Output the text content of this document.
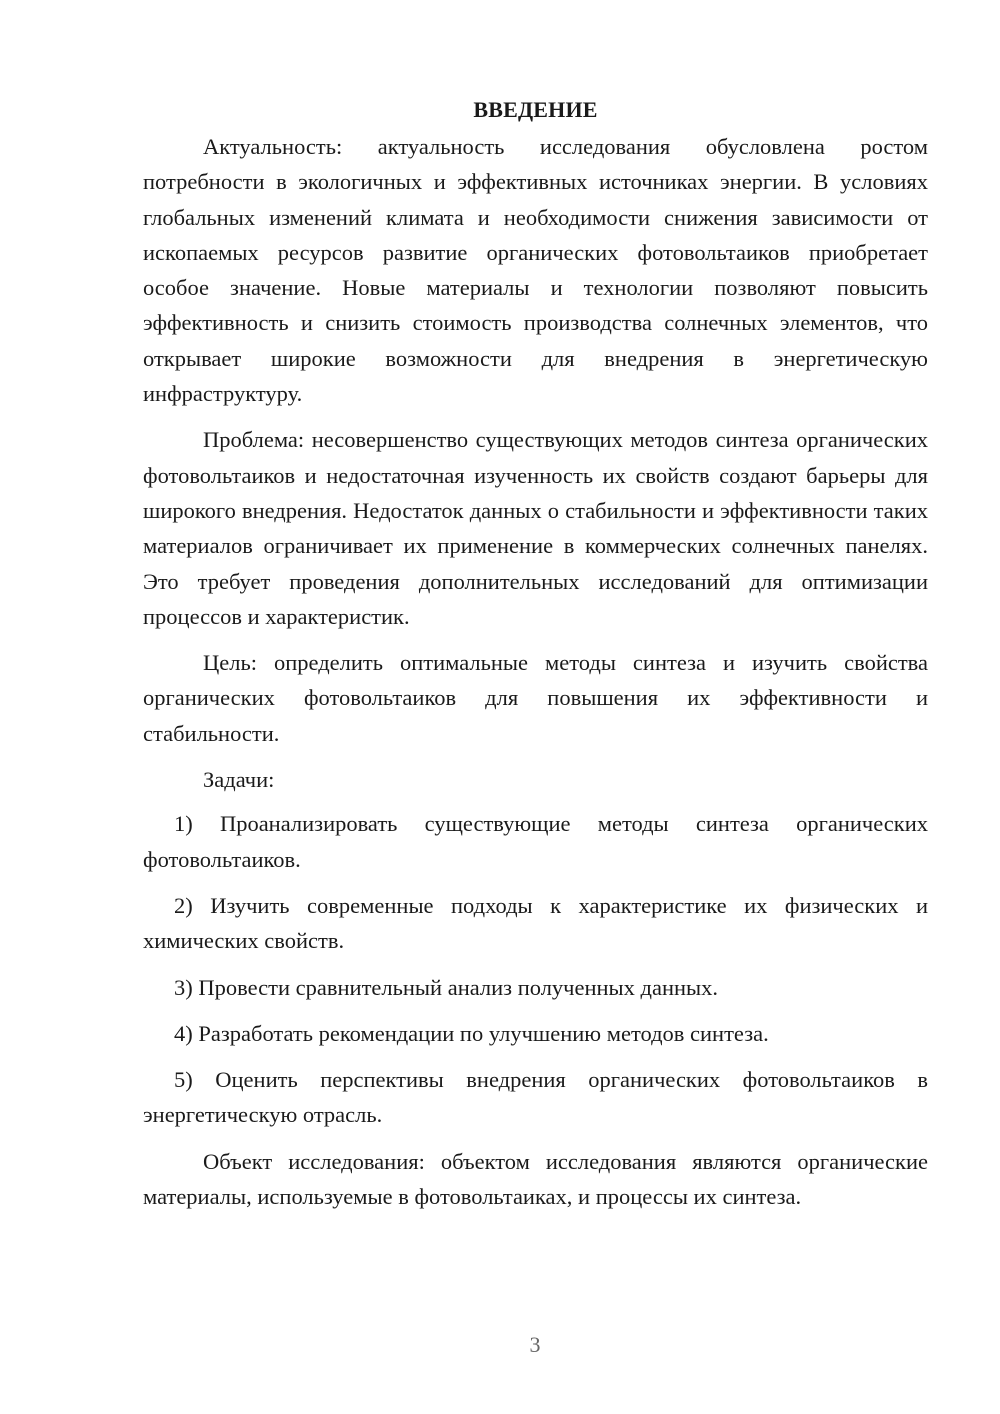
ВВЕДЕНИЕ

Актуальность: актуальность исследования обусловлена ростом потребности в экологичных и эффективных источниках энергии. В условиях глобальных изменений климата и необходимости снижения зависимости от ископаемых ресурсов развитие органических фотовольтаиков приобретает особое значение. Новые материалы и технологии позволяют повысить эффективность и снизить стоимость производства солнечных элементов, что открывает широкие возможности для внедрения в энергетическую инфраструктуру.

Проблема: несовершенство существующих методов синтеза органических фотовольтаиков и недостаточная изученность их свойств создают барьеры для широкого внедрения. Недостаток данных о стабильности и эффективности таких материалов ограничивает их применение в коммерческих солнечных панелях. Это требует проведения дополнительных исследований для оптимизации процессов и характеристик.

Цель: определить оптимальные методы синтеза и изучить свойства органических фотовольтаиков для повышения их эффективности и стабильности.

Задачи:

1) Проанализировать существующие методы синтеза органических фотовольтаиков.

2) Изучить современные подходы к характеристике их физических и химических свойств.

3) Провести сравнительный анализ полученных данных.

4) Разработать рекомендации по улучшению методов синтеза.

5) Оценить перспективы внедрения органических фотовольтаиков в энергетическую отрасль.

Объект исследования: объектом исследования являются органические материалы, используемые в фотовольтаиках, и процессы их синтеза.

3
